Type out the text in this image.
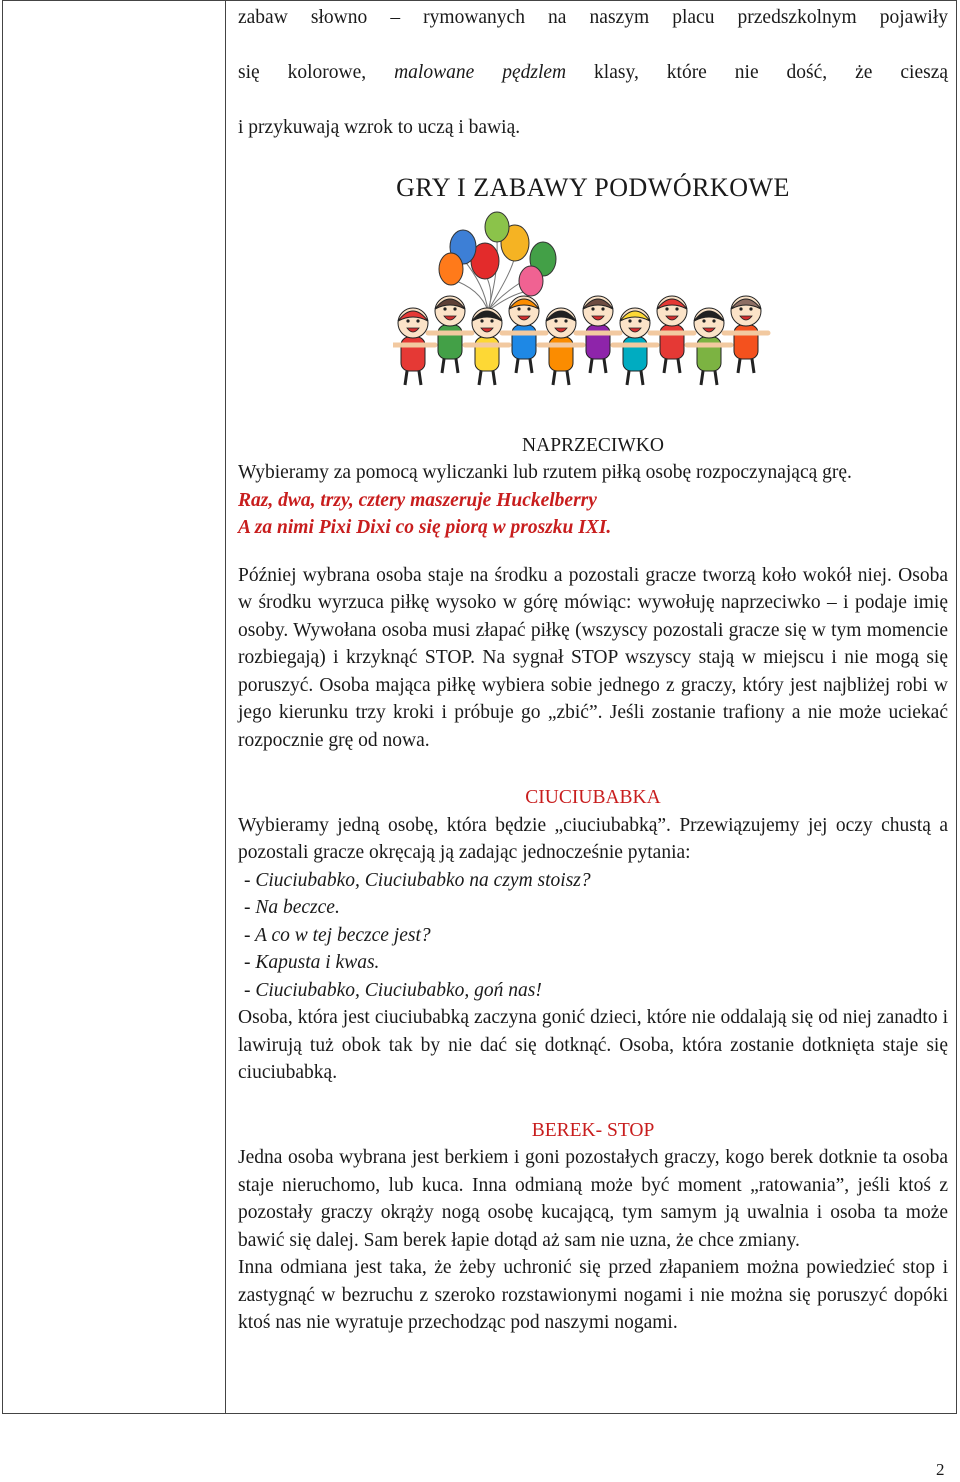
zabaw słowno – rymowanych na naszym placu przedszkolnym pojawiły

się kolorowe, malowane pędzlem klasy, które nie dość, że cieszą

i przykuwają wzrok to uczą i bawią.

GRY I ZABAWY PODWÓRKOWE

NAPRZECIWKO

Wybieramy za pomocą wyliczanki lub rzutem piłką osobę rozpoczynającą grę.

Raz, dwa, trzy, cztery maszeruje Huckelberry

A za nimi Pixi Dixi co się piorą w proszku IXI.

Później wybrana osoba staje na środku a pozostali gracze tworzą koło wokół niej. Osoba w środku wyrzuca piłkę wysoko w górę mówiąc: wywołuję naprzeciwko – i podaje imię osoby. Wywołana osoba musi złapać piłkę (wszyscy pozostali gracze się w tym momencie rozbiegają) i krzyknąć STOP. Na sygnał STOP wszyscy stają w miejscu i nie mogą się poruszyć. Osoba mająca piłkę wybiera sobie jednego z graczy, który jest najbliżej robi w jego kierunku trzy kroki i próbuje go „zbić”. Jeśli zostanie trafiony a nie może uciekać rozpocznie grę od nowa.

CIUCIUBABKA

Wybieramy jedną osobę, która będzie „ciuciubabką”. Przewiązujemy jej oczy chustą a pozostali gracze okręcają ją zadając jednocześnie pytania:

- Ciuciubabko, Ciuciubabko na czym stoisz?

- Na beczce.

- A co w tej beczce jest?

- Kapusta i kwas.

- Ciuciubabko, Ciuciubabko, goń nas!

Osoba, która jest ciuciubabką zaczyna gonić dzieci, które nie oddalają się od niej zanadto i lawirują tuż obok tak by nie dać się dotknąć. Osoba, która zostanie dotknięta staje się ciuciubabką.

BEREK- STOP

Jedna osoba wybrana jest berkiem i goni pozostałych graczy, kogo berek dotknie ta osoba staje nieruchomo, lub kuca. Inna odmianą może być moment „ratowania”, jeśli ktoś z pozostały graczy okrąży nogą osobę kucającą, tym samym ją uwalnia i osoba ta może bawić się dalej. Sam berek łapie dotąd aż sam nie uzna, że chce zmiany.

Inna odmiana jest taka, że żeby uchronić się przed złapaniem można powiedzieć stop i zastygnąć w bezruchu z szeroko rozstawionymi nogami i nie można się poruszyć dopóki ktoś nas nie wyratuje przechodząc pod naszymi nogami.

2
